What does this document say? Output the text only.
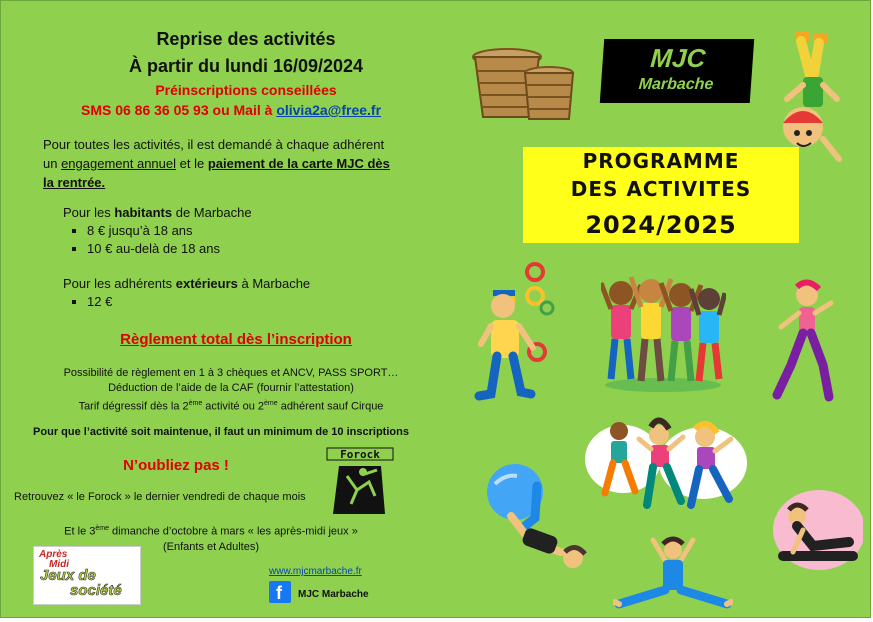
Reprise des activités
À partir du lundi 16/09/2024
Préinscriptions conseillées
SMS 06 86 36 05 93 ou Mail à olivia2a@free.fr
Pour toutes les activités, il est demandé à chaque adhérent
un engagement annuel et le paiement de la carte MJC dès
la rentrée.
Pour les habitants de Marbache
▪ 8 € jusqu’à 18 ans
▪ 10 € au-delà de 18 ans
Pour les adhérents extérieurs à Marbache
▪ 12 €
Règlement total dès l’inscription
Possibilité de règlement en 1 à 3 chèques et ANCV, PASS SPORT…
Déduction de l’aide de la CAF (fournir l’attestation)
Tarif dégressif dès la 2ème activité ou 2ème adhérent sauf Cirque
Pour que l’activité soit maintenue, il faut un minimum de 10 inscriptions
N’oubliez pas !
Retrouvez « le Forock » le dernier vendredi de chaque mois
Forock
Et le 3ème dimanche d’octobre à mars « les après-midi jeux »
(Enfants et Adultes)
Après
Midi
Jeux de
société
www.mjcmarbache.fr
f MJC Marbache
MJC
Marbache
PROGRAMME
DES ACTIVITES
2024/2025
